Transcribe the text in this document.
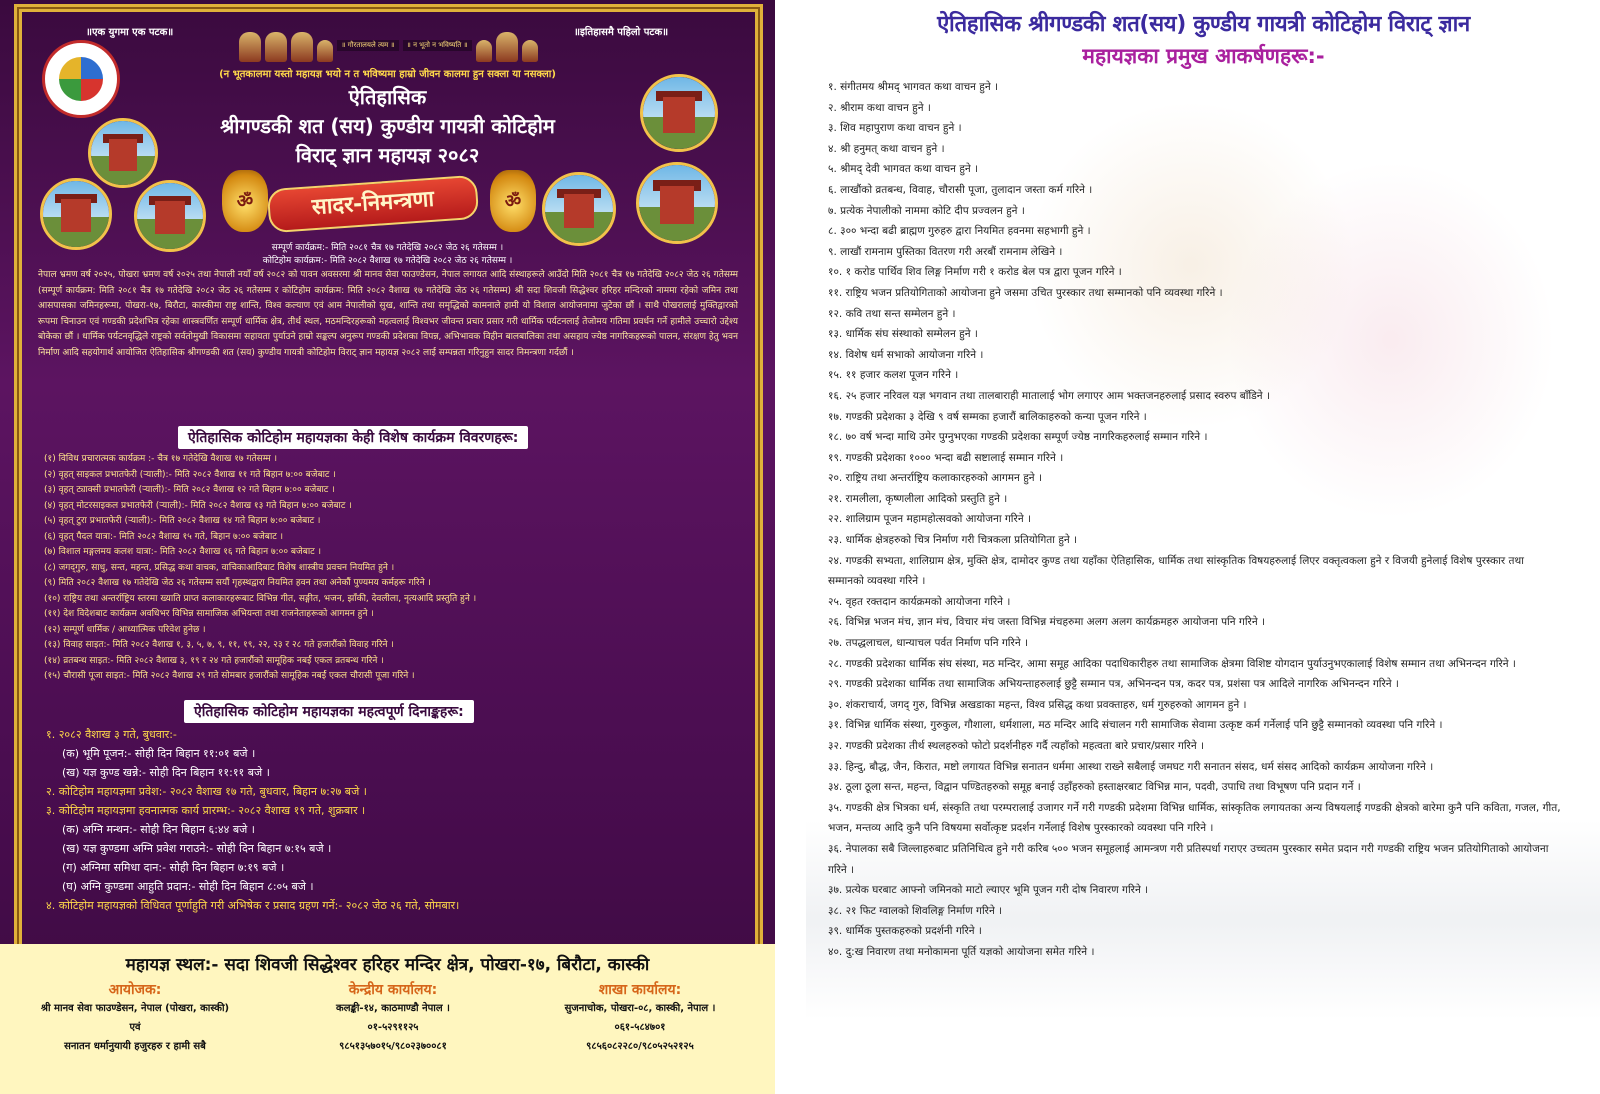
॥एक युगमा एक पटक॥	॥इतिहासमै पहिलो पटक॥
॥ गौरतालयले त्यम ॥	॥ न भूतो न भविष्यति ॥
(न भूतकालमा यस्तो महायज्ञ भयो न त भविष्यमा हाम्रो जीवन कालमा हुन सक्ला या नसक्ला)
ऐतिहासिक
श्रीगण्डकी शत (सय) कुण्डीय गायत्री कोटिहोम
विराट् ज्ञान महायज्ञ २०८२
ॐ	ॐ
सादर-निमन्त्रणा
सम्पूर्ण कार्यक्रम:- मिति २०८१ चैत्र १७ गतेदेखि २०८२ जेठ २६ गतेसम्म ।
कोटिहोम कार्यक्रम:- मिति २०८२ वैशाख १७ गतेदेखि २०८२ जेठ २६ गतेसम्म ।

नेपाल भ्रमण वर्ष २०२५, पोखरा भ्रमण वर्ष २०२५ तथा नेपाली नयाँ वर्ष २०८२ को पावन अवसरमा श्री मानव सेवा फाउण्डेसन, नेपाल लगायत आदि संस्थाहरूले आउँदो मिति २०८१ चैत्र १७ गतेदेखि २०८२ जेठ २६ गतेसम्म (सम्पूर्ण कार्यक्रम: मिति २०८१ चैत्र १७ गतेदेखि २०८२ जेठ २६ गतेसम्म र कोटिहोम कार्यक्रम: मिति २०८२ वैशाख १७ गतेदेखि जेठ २६ गतेसम्म) श्री सदा शिवजी सिद्धेश्वर हरिहर मन्दिरको नाममा रहेको जमिन तथा आसपासका जमिनहरूमा, पोखरा-१७, बिरौटा, कास्कीमा राष्ट्र शान्ति, विश्व कल्याण एवं आम नेपालीको सुख, शान्ति तथा समृद्धिको कामनाले हामी यो विशाल आयोजनामा जुटेका छौं । साथै पोखरालाई मुक्तिद्वारको रूपमा चिनाउन एवं गण्डकी प्रदेशभित्र रहेका शास्त्रवर्णित सम्पूर्ण धार्मिक क्षेत्र, तीर्थ स्थल, मठमन्दिरहरूको महत्वलाई विश्वभर जीवन्त प्रचार प्रसार गरी धार्मिक पर्यटनलाई तेजोमय गतिमा प्रवर्धन गर्ने हामीले उच्चारो उद्देश्य बोकेका छौं । धार्मिक पर्यटनवृद्धिले राष्ट्रको सर्वतोमुखी विकासमा सहायता पुर्याउने हाम्रो सङ्कल्प अनुरूप गण्डकी प्रदेशका विपन्न, अभिभावक विहीन बालबालिका तथा असहाय ज्येष्ठ नागरिकहरूको पालन, संरक्षण हेतु भवन निर्माण आदि सहयोगार्थ आयोजित ऐतिहासिक श्रीगण्डकी शत (सय) कुण्डीय गायत्री कोटिहोम विराट् ज्ञान महायज्ञ २०८२ लाई सम्पन्नता गरिनुहुन सादर निमन्त्रणा गर्दछौं ।

ऐतिहासिक कोटिहोम महायज्ञका केही विशेष कार्यक्रम विवरणहरू:
(१) विविध प्रचारात्मक कार्यक्रम :- चैत्र १७ गतेदेखि वैशाख १७ गतेसम्म ।
(२) वृहत् साइकल प्रभातफेरी (र्‍याली):- मिति २०८२ वैशाख ११ गते बिहान ७:०० बजेबाट ।
(३) वृहत् ट्याक्सी प्रभातफेरी (र्‍याली):- मिति २०८२ वैशाख १२ गते बिहान ७:०० बजेबाट ।
(४) वृहत् मोटरसाइकल प्रभातफेरी (र्‍याली):- मिति २०८२ वैशाख १३ गते बिहान ७:०० बजेबाट ।
(५) वृहत् टुरा प्रभातफेरी (र्‍याली):- मिति २०८२ वैशाख १४ गते बिहान ७:०० बजेबाट ।
(६) वृहत् पैदल यात्रा:- मिति २०८२ वैशाख १५ गते, बिहान ७:०० बजेबाट ।
(७) विशाल मङ्गलमय कलश यात्रा:- मिति २०८२ वैशाख १६ गते बिहान ७:०० बजेबाट ।
(८) जगद्‍गुरु, साधु, सन्त, महन्त, प्रसिद्ध कथा वाचक, वाचिकाआदिबाट विशेष शास्त्रीय प्रवचन नियमित हुने ।
(९) मिति २०८२ वैशाख १७ गतेदेखि जेठ २६ गतेसम्म सयौं गृहस्थद्वारा नियमित हवन तथा अनेकौं पुण्यमय कर्महरू गरिने ।
(१०) राष्ट्रिय तथा अन्तर्राष्ट्रिय स्तरमा ख्याति प्राप्त कलाकारहरूबाट विभिन्न गीत, सङ्गीत, भजन, झाँकी, देवलीला, नृत्यआदि प्रस्तुति हुने ।
(११) देश विदेशबाट कार्यक्रम अवधिभर विभिन्न सामाजिक अभियन्ता तथा राजनेताहरूको आगमन हुने ।
(१२) सम्पूर्ण धार्मिक / आध्यात्मिक परिवेश हुनेछ ।
(१३) विवाह साइत:- मिति २०८२ वैशाख १, ३, ५, ७, ९, ११, १९, २२, २३ र २८ गते हजारौंको विवाह गरिने ।
(१४) व्रतबन्ध साइत:- मिति २०८२ वैशाख ३, १९ र २४ गते हजारौंको सामूहिक नबर्ई एकल व्रतबन्ध गरिने ।
(१५) चौरासी पूजा साइत:- मिति २०८२ वैशाख २९ गते सोमबार हजारौंको सामूहिक नबर्ई एकल चौरासी पूजा गरिने ।
ऐतिहासिक कोटिहोम महायज्ञका महत्वपूर्ण दिनाङ्कहरू:
१. २०८२ वैशाख ३ गते, बुधवार:-
(क) भूमि पूजन:- सोही दिन बिहान ११:०१ बजे ।
(ख) यज्ञ कुण्ड खन्ने:- सोही दिन बिहान ११:११ बजे ।
२. कोटिहोम महायज्ञमा प्रवेश:- २०८२ वैशाख १७ गते, बुधवार, बिहान ७:२७ बजे ।
३. कोटिहोम महायज्ञमा हवनात्मक कार्य प्रारम्भ:- २०८२ वैशाख १९ गते, शुक्रबार ।
(क) अग्नि मन्थन:- सोही दिन बिहान ६:४४ बजे ।
(ख) यज्ञ कुण्डमा अग्नि प्रवेश गराउने:- सोही दिन बिहान ७:१५ बजे ।
(ग) अग्निमा समिधा दान:- सोही दिन बिहान ७:१९ बजे ।
(घ) अग्नि कुण्डमा आहुति प्रदान:- सोही दिन बिहान ८:०५ बजे ।
४. कोटिहोम महायज्ञको विधिवत पूर्णाहुति गरी अभिषेक र प्रसाद ग्रहण गर्ने:- २०८२ जेठ २६ गते, सोमबार।
महायज्ञ स्थल:- सदा शिवजी सिद्धेश्वर हरिहर मन्दिर क्षेत्र, पोखरा-१७, बिरौटा, कास्की
आयोजक:
श्री मानव सेवा फाउण्डेसन, नेपाल (पोखरा, कास्की)
एवं
सनातन धर्मानुयायी हजुरहरु र हामी सबै
केन्द्रीय कार्यालय:
कलङ्की-१४, काठमाण्डौ नेपाल ।
०१-५२९११२५
९८५१३५७०१५/९८०२३७००८१
शाखा कार्यालय:
सुजनाचोक, पोखरा-०८, कास्की, नेपाल ।
०६१-५८४७०१
९८५६०८२२८०/९८०५२५२१२५
ऐतिहासिक श्रीगण्डकी शत(सय) कुण्डीय गायत्री कोटिहोम विराट् ज्ञान
महायज्ञका प्रमुख आकर्षणहरू:-
१. संगीतमय श्रीमद् भागवत कथा वाचन हुने ।
२. श्रीराम कथा वाचन हुने ।
३. शिव महापुराण कथा वाचन हुने ।
४. श्री हनुमत् कथा वाचन हुने ।
५. श्रीमद् देवी भागवत कथा वाचन हुने ।
६. लाखौंको व्रतबन्ध, विवाह, चौरासी पूजा, तुलादान जस्ता कर्म गरिने ।
७. प्रत्येक नेपालीको नाममा कोटि दीप प्रज्वलन हुने ।
८. ३०० भन्दा बढी ब्राह्मण गुरुहरु द्वारा नियमित हवनमा सहभागी हुने ।
९. लाखौं रामनाम पुस्तिका वितरण गरी अरबौं रामनाम लेखिने ।
१०. १ करोड पार्थिव शिव लिङ्ग निर्माण गरी १ करोड बेल पत्र द्वारा पूजन गरिने ।
११. राष्ट्रिय भजन प्रतियोगिताको आयोजना हुने जसमा उचित पुरस्कार तथा सम्मानको पनि व्यवस्था गरिने ।
१२. कवि तथा सन्त सम्मेलन हुने ।
१३. धार्मिक संघ संस्थाको सम्मेलन हुने ।
१४. विशेष धर्म सभाको आयोजना गरिने ।
१५. ११ हजार कलश पूजन गरिने ।
१६. २५ हजार नरिवल यज्ञ भगवान तथा तालबाराही मातालाई भोग लगाएर आम भक्तजनहरुलाई प्रसाद स्वरुप बाँडिने ।
१७. गण्डकी प्रदेशका ३ देखि ९ वर्ष सम्मका हजारौं बालिकाहरुको कन्या पूजन गरिने ।
१८. ७० वर्ष भन्दा माथि उमेर पुग्नुभएका गण्डकी प्रदेशका सम्पूर्ण ज्येष्ठ नागरिकहरुलाई सम्मान गरिने ।
१९. गण्डकी प्रदेशका १००० भन्दा बढी सष्टालाई सम्मान गरिने ।
२०. राष्ट्रिय तथा अन्तर्राष्ट्रिय कलाकारहरुको आगमन हुने ।
२१. रामलीला, कृष्णलीला आदिको प्रस्तुति हुने ।
२२. शालिग्राम पूजन महामहोत्सवको आयोजना गरिने ।
२३. धार्मिक क्षेत्रहरुको चित्र निर्माण गरी चित्रकला प्रतियोगिता हुने ।
२४. गण्डकी सभ्यता, शालिग्राम क्षेत्र, मुक्ति क्षेत्र, दामोदर कुण्ड तथा यहाँका ऐतिहासिक, धार्मिक तथा सांस्कृतिक विषयहरुलाई लिएर वक्तृत्वकला हुने र विजयी हुनेलाई विशेष पुरस्कार तथा सम्मानको व्यवस्था गरिने ।
२५. वृहत रक्तदान कार्यक्रमको आयोजना गरिने ।
२६. विभिन्न भजन मंच, ज्ञान मंच, विचार मंच जस्ता विभिन्न मंचहरुमा अलग अलग कार्यक्रमहरु आयोजना पनि गरिने ।
२७. तपद्धलाचल, धान्याचल पर्वत निर्माण पनि गरिने ।
२८. गण्डकी प्रदेशका धार्मिक संघ संस्था, मठ मन्दिर, आमा समूह आदिका पदाधिकारीहरु तथा सामाजिक क्षेत्रमा विशिष्ट योगदान पुर्याउनुभएकालाई विशेष सम्मान तथा अभिनन्दन गरिने ।
२९. गण्डकी प्रदेशका धार्मिक तथा सामाजिक अभियन्ताहरुलाई छुट्टै सम्मान पत्र, अभिनन्दन पत्र, कदर पत्र, प्रशंसा पत्र आदिले नागरिक अभिनन्दन गरिने ।
३०. शंकराचार्य, जगद् गुरु, विभिन्न अखडाका महन्त, विश्व प्रसिद्ध कथा प्रवक्ताहरु, धर्म गुरुहरुको आगमन हुने ।
३१. विभिन्न धार्मिक संस्था, गुरुकुल, गौशाला, धर्मशाला, मठ मन्दिर आदि संचालन गरी सामाजिक सेवामा उत्कृष्ट कर्म गर्नेलाई पनि छुट्टै सम्मानको व्यवस्था पनि गरिने ।
३२. गण्डकी प्रदेशका तीर्थ स्थलहरुको फोटो प्रदर्शनीहरु गर्दै त्यहाँको महत्वता बारे प्रचार/प्रसार गरिने ।
३३. हिन्दु, बौद्ध, जैन, किरात, मष्टो लगायत विभिन्न सनातन धर्ममा आस्था राख्ने सबैलाई जमघट गरी सनातन संसद, धर्म संसद आदिको कार्यक्रम आयोजना गरिने ।
३४. ठूला ठूला सन्त, महन्त, विद्वान पण्डितहरुको समूह बनाई उहाँहरुको हस्ताक्षरबाट विभिन्न मान, पदवी, उपाधि तथा विभूषण पनि प्रदान गर्ने ।
३५. गण्डकी क्षेत्र भित्रका धर्म, संस्कृति तथा परम्परालाई उजागर गर्ने गरी गण्डकी प्रदेशमा विभिन्न धार्मिक, सांस्कृतिक लगायतका अन्य विषयलाई गण्डकी क्षेत्रको बारेमा कुनै पनि कविता, गजल, गीत, भजन, मन्तव्य आदि कुनै पनि विषयमा सर्वोत्कृष्ट प्रदर्शन गर्नेलाई विशेष पुरस्कारको व्यवस्था पनि गरिने ।
३६. नेपालका सबै जिल्लाहरुबाट प्रतिनिधित्व हुने गरी करिब ५०० भजन समूहलाई आमन्त्रण गरी प्रतिस्पर्धा गराएर उच्चतम पुरस्कार समेत प्रदान गरी गण्डकी राष्ट्रिय भजन प्रतियोगिताको आयोजना गरिने ।
३७. प्रत्येक घरबाट आफ्नो जमिनको माटो ल्याएर भूमि पूजन गरी दोष निवारण गरिने ।
३८. २१ फिट ग्वालको शिवलिङ्ग निर्माण गरिने ।
३९. धार्मिक पुस्तकहरुको प्रदर्शनी गरिने ।
४०. दु:ख निवारण तथा मनोकामना पूर्ति यज्ञको आयोजना समेत गरिने ।
